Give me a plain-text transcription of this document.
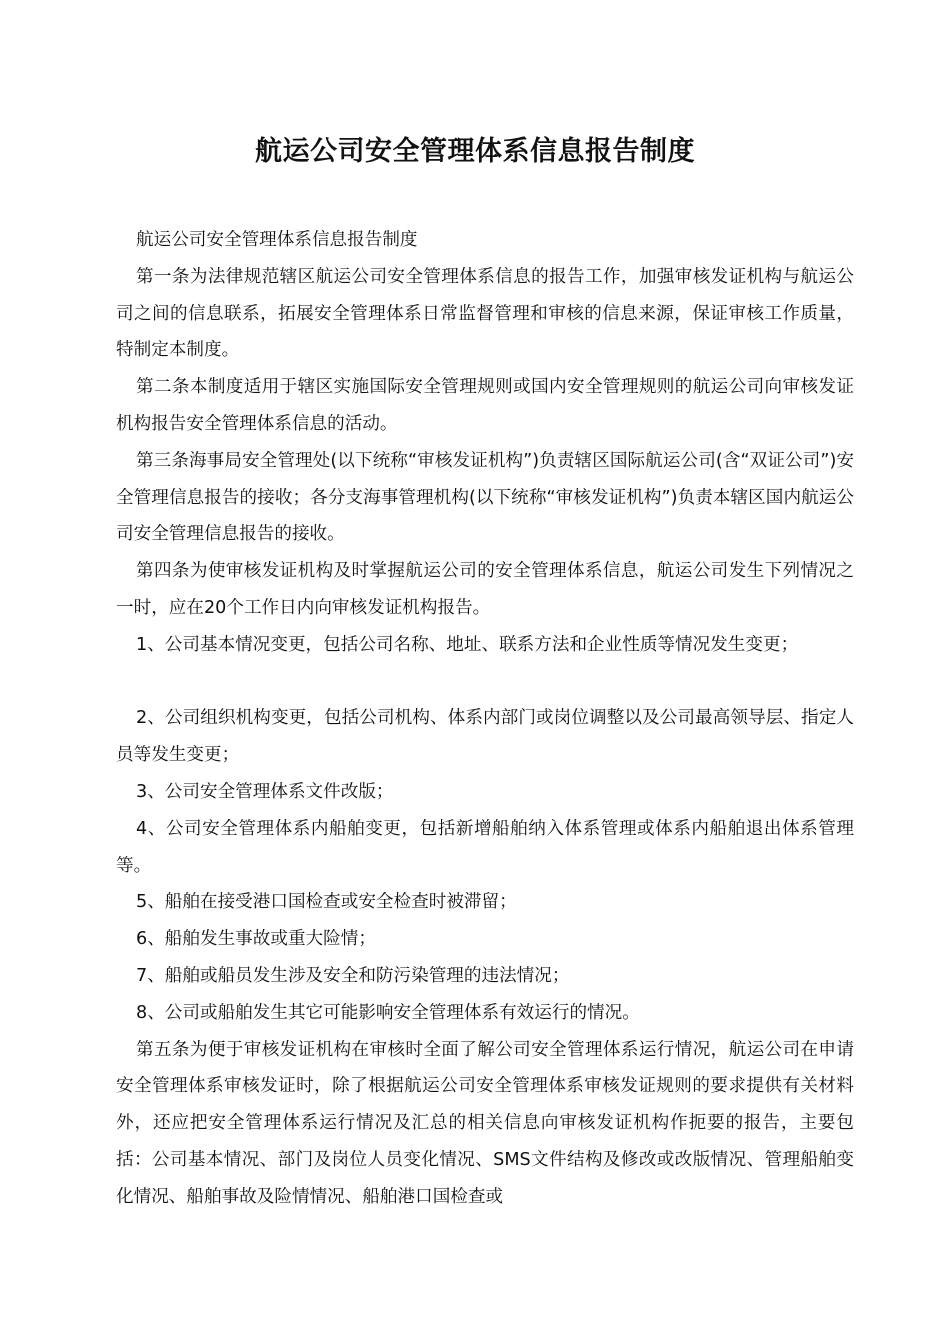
航运公司安全管理体系信息报告制度

航运公司安全管理体系信息报告制度

第一条为法律规范辖区航运公司安全管理体系信息的报告工作，加强审核发证机构与航运公司之间的信息联系，拓展安全管理体系日常监督管理和审核的信息来源，保证审核工作质量，特制定本制度。

第二条本制度适用于辖区实施国际安全管理规则或国内安全管理规则的航运公司向审核发证机构报告安全管理体系信息的活动。

第三条海事局安全管理处(以下统称“审核发证机构”)负责辖区国际航运公司(含“双证公司”)安全管理信息报告的接收；各分支海事管理机构(以下统称“审核发证机构”)负责本辖区国内航运公司安全管理信息报告的接收。

第四条为使审核发证机构及时掌握航运公司的安全管理体系信息，航运公司发生下列情况之一时，应在20个工作日内向审核发证机构报告。

1、公司基本情况变更，包括公司名称、地址、联系方法和企业性质等情况发生变更；

2、公司组织机构变更，包括公司机构、体系内部门或岗位调整以及公司最高领导层、指定人员等发生变更；

3、公司安全管理体系文件改版；

4、公司安全管理体系内船舶变更，包括新增船舶纳入体系管理或体系内船舶退出体系管理等。

5、船舶在接受港口国检查或安全检查时被滞留；

6、船舶发生事故或重大险情；

7、船舶或船员发生涉及安全和防污染管理的违法情况；

8、公司或船舶发生其它可能影响安全管理体系有效运行的情况。

第五条为便于审核发证机构在审核时全面了解公司安全管理体系运行情况，航运公司在申请安全管理体系审核发证时，除了根据航运公司安全管理体系审核发证规则的要求提供有关材料外，还应把安全管理体系运行情况及汇总的相关信息向审核发证机构作扼要的报告，主要包括：公司基本情况、部门及岗位人员变化情况、SMS文件结构及修改或改版情况、管理船舶变化情况、船舶事故及险情情况、船舶港口国检查或
